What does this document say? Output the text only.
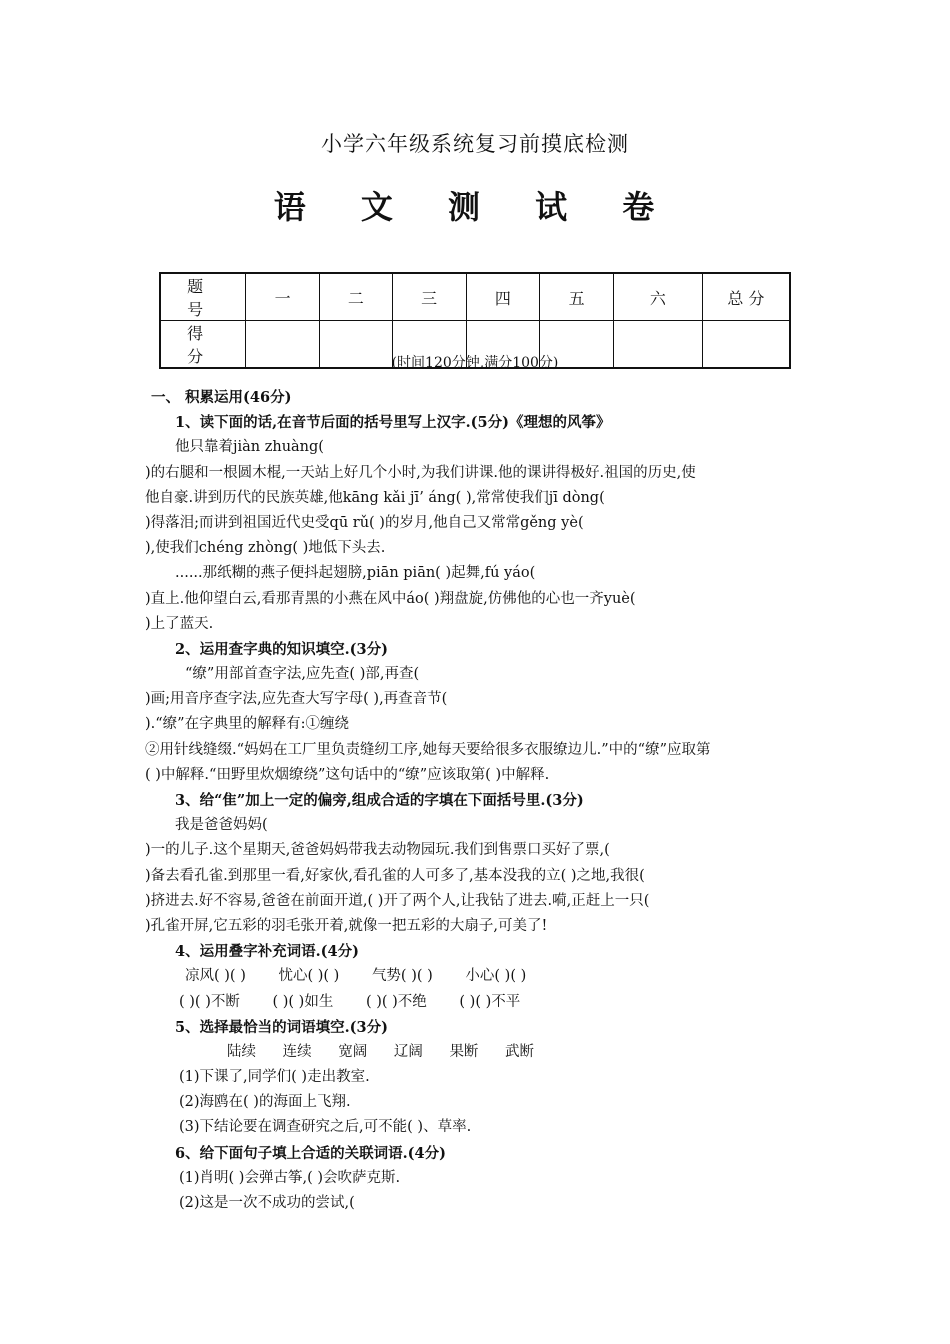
小学六年级系统复习前摸底检测
语 文 测 试 卷
题 号	一	二	三	四	五	六	总 分
得 分								(时间120分钟,满分100分)
一、 积累运用(46分)
1、读下面的话,在音节后面的括号里写上汉字.(5分)《理想的风筝》
他只靠着jiàn zhuàng(
)的右腿和一根圆木棍,一天站上好几个小时,为我们讲课.他的课讲得极好.祖国的历史,使
他自豪.讲到历代的民族英雄,他kāng kǎi jī’ áng( ),常常使我们jī dòng(
)得落泪;而讲到祖国近代史受qū rǔ( )的岁月,他自己又常常gěng yè(
),使我们chéng zhòng( )地低下头去.
......那纸糊的燕子便抖起翅膀,piān piān( )起舞,fú yáo(
)直上.他仰望白云,看那青黑的小燕在风中áo( )翔盘旋,仿佛他的心也一齐yuè(
)上了蓝天.
2、运用查字典的知识填空.(3分)
“缭”用部首查字法,应先查( )部,再查(
)画;用音序查字法,应先查大写字母( ),再查音节(
).“缭”在字典里的解释有:①缠绕
②用针线缝缀.“妈妈在工厂里负责缝纫工序,她每天要给很多衣服缭边儿.”中的“缭”应取第
( )中解释.“田野里炊烟缭绕”这句话中的“缭”应该取第( )中解释.
3、给“隹”加上一定的偏旁,组成合适的字填在下面括号里.(3分)
我是爸爸妈妈(
)一的儿子.这个星期天,爸爸妈妈带我去动物园玩.我们到售票口买好了票,(
)备去看孔雀.到那里一看,好家伙,看孔雀的人可多了,基本没我的立( )之地,我很(
)挤进去.好不容易,爸爸在前面开道,( )开了两个人,让我钻了进去.嗬,正赶上一只(
)孔雀开屏,它五彩的羽毛张开着,就像一把五彩的大扇子,可美了!
4、运用叠字补充词语.(4分)
凉风( )( ) 忧心( )( ) 气势( )( ) 小心( )( )
( )( )不断 ( )( )如生 ( )( )不绝 ( )( )不平
5、选择最恰当的词语填空.(3分)
陆续 连续 宽阔 辽阔 果断 武断
(1)下课了,同学们( )走出教室.
(2)海鸥在( )的海面上飞翔.
(3)下结论要在调查研究之后,可不能( )、草率.
6、给下面句子填上合适的关联词语.(4分)
(1)肖明( )会弹古筝,( )会吹萨克斯.
(2)这是一次不成功的尝试,(
